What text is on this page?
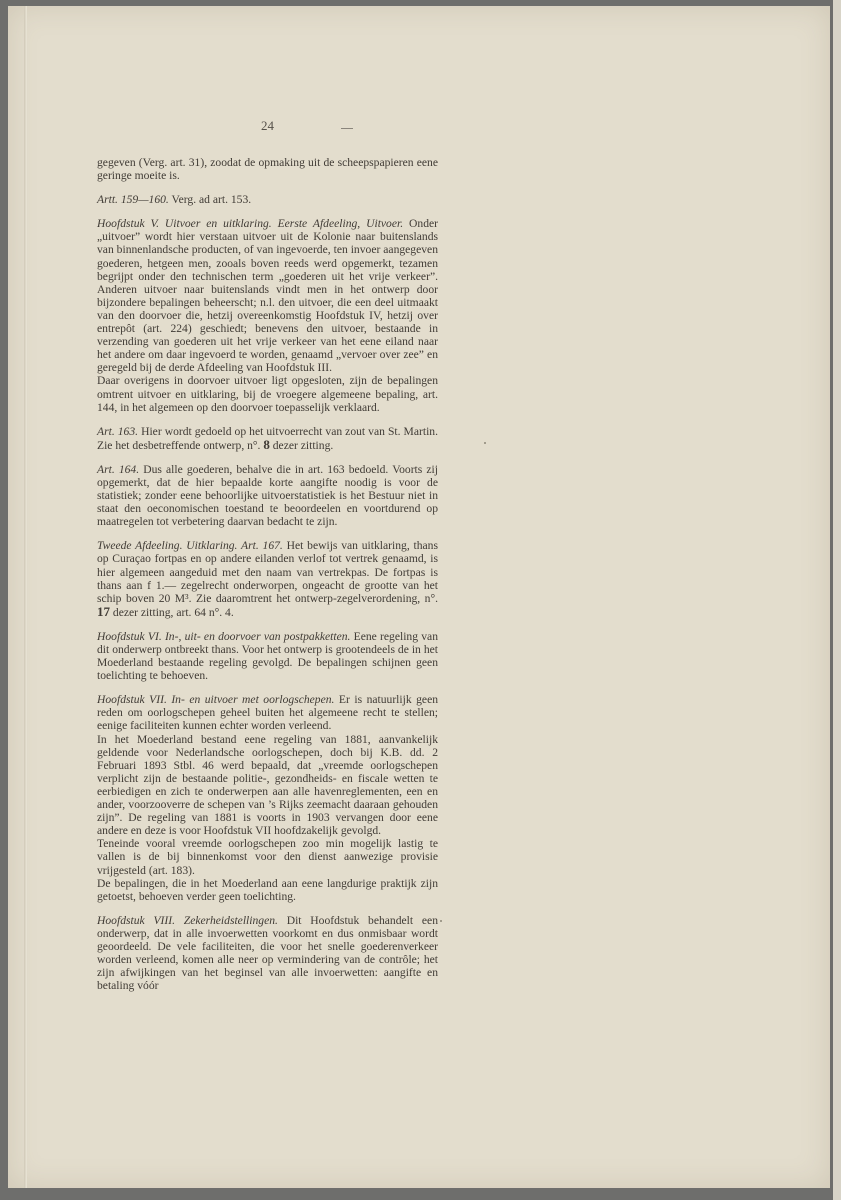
24

gegeven (Verg. art. 31), zoodat de opmaking uit de scheepspapieren eene geringe moeite is.

Artt. 159—160. Verg. ad art. 153.

Hoofdstuk V. Uitvoer en uitklaring. Eerste Afdeeling, Uitvoer. Onder „uitvoer” wordt hier verstaan uitvoer uit de Kolonie naar buitenslands van binnenlandsche producten, of van ingevoerde, ten invoer aangegeven goederen, hetgeen men, zooals boven reeds werd opgemerkt, tezamen begrijpt onder den technischen term „goederen uit het vrije verkeer”. Anderen uitvoer naar buitenslands vindt men in het ontwerp door bijzondere bepalingen beheerscht; n.l. den uitvoer, die een deel uitmaakt van den doorvoer die, hetzij overeenkomstig Hoofdstuk IV, hetzij over entrepôt (art. 224) geschiedt; benevens den uitvoer, bestaande in verzending van goederen uit het vrije verkeer van het eene eiland naar het andere om daar ingevoerd te worden, genaamd „vervoer over zee” en geregeld bij de derde Afdeeling van Hoofdstuk III.

Daar overigens in doorvoer uitvoer ligt opgesloten, zijn de bepalingen omtrent uitvoer en uitklaring, bij de vroegere algemeene bepaling, art. 144, in het algemeen op den doorvoer toepasselijk verklaard.

Art. 163. Hier wordt gedoeld op het uitvoerrecht van zout van St. Martin. Zie het desbetreffende ontwerp, n°. 8 dezer zitting.

Art. 164. Dus alle goederen, behalve die in art. 163 bedoeld. Voorts zij opgemerkt, dat de hier bepaalde korte aangifte noodig is voor de statistiek; zonder eene behoorlijke uitvoerstatistiek is het Bestuur niet in staat den oeconomischen toestand te beoordeelen en voortdurend op maatregelen tot verbetering daarvan bedacht te zijn.

Tweede Afdeeling. Uitklaring. Art. 167. Het bewijs van uitklaring, thans op Curaçao fortpas en op andere eilanden verlof tot vertrek genaamd, is hier algemeen aangeduid met den naam van vertrekpas. De fortpas is thans aan f 1.— zegelrecht onderworpen, ongeacht de grootte van het schip boven 20 M³. Zie daaromtrent het ontwerp-zegelverordening, n°. 17 dezer zitting, art. 64 n°. 4.

Hoofdstuk VI. In-, uit- en doorvoer van postpakketten. Eene regeling van dit onderwerp ontbreekt thans. Voor het ontwerp is grootendeels de in het Moederland bestaande regeling gevolgd. De bepalingen schijnen geen toelichting te behoeven.

Hoofdstuk VII. In- en uitvoer met oorlogschepen. Er is natuurlijk geen reden om oorlogschepen geheel buiten het algemeene recht te stellen; eenige faciliteiten kunnen echter worden verleend.

In het Moederland bestand eene regeling van 1881, aanvankelijk geldende voor Nederlandsche oorlogschepen, doch bij K.B. dd. 2 Februari 1893 Stbl. 46 werd bepaald, dat „vreemde oorlogschepen verplicht zijn de bestaande politie-, gezondheids- en fiscale wetten te eerbiedigen en zich te onderwerpen aan alle havenreglementen, een en ander, voorzooverre de schepen van ’s Rijks zeemacht daaraan gehouden zijn”. De regeling van 1881 is voorts in 1903 vervangen door eene andere en deze is voor Hoofdstuk VII hoofdzakelijk gevolgd.

Teneinde vooral vreemde oorlogschepen zoo min mogelijk lastig te vallen is de bij binnenkomst voor den dienst aanwezige provisie vrijgesteld (art. 183).

De bepalingen, die in het Moederland aan eene langdurige praktijk zijn getoetst, behoeven verder geen toelichting.

Hoofdstuk VIII. Zekerheidstellingen. Dit Hoofdstuk behandelt een onderwerp, dat in alle invoerwetten voorkomt en dus onmisbaar wordt geoordeeld. De vele faciliteiten, die voor het snelle goederenverkeer worden verleend, komen alle neer op vermindering van de contrôle; het zijn afwijkingen van het beginsel van alle invoerwetten: aangifte en betaling vóór
